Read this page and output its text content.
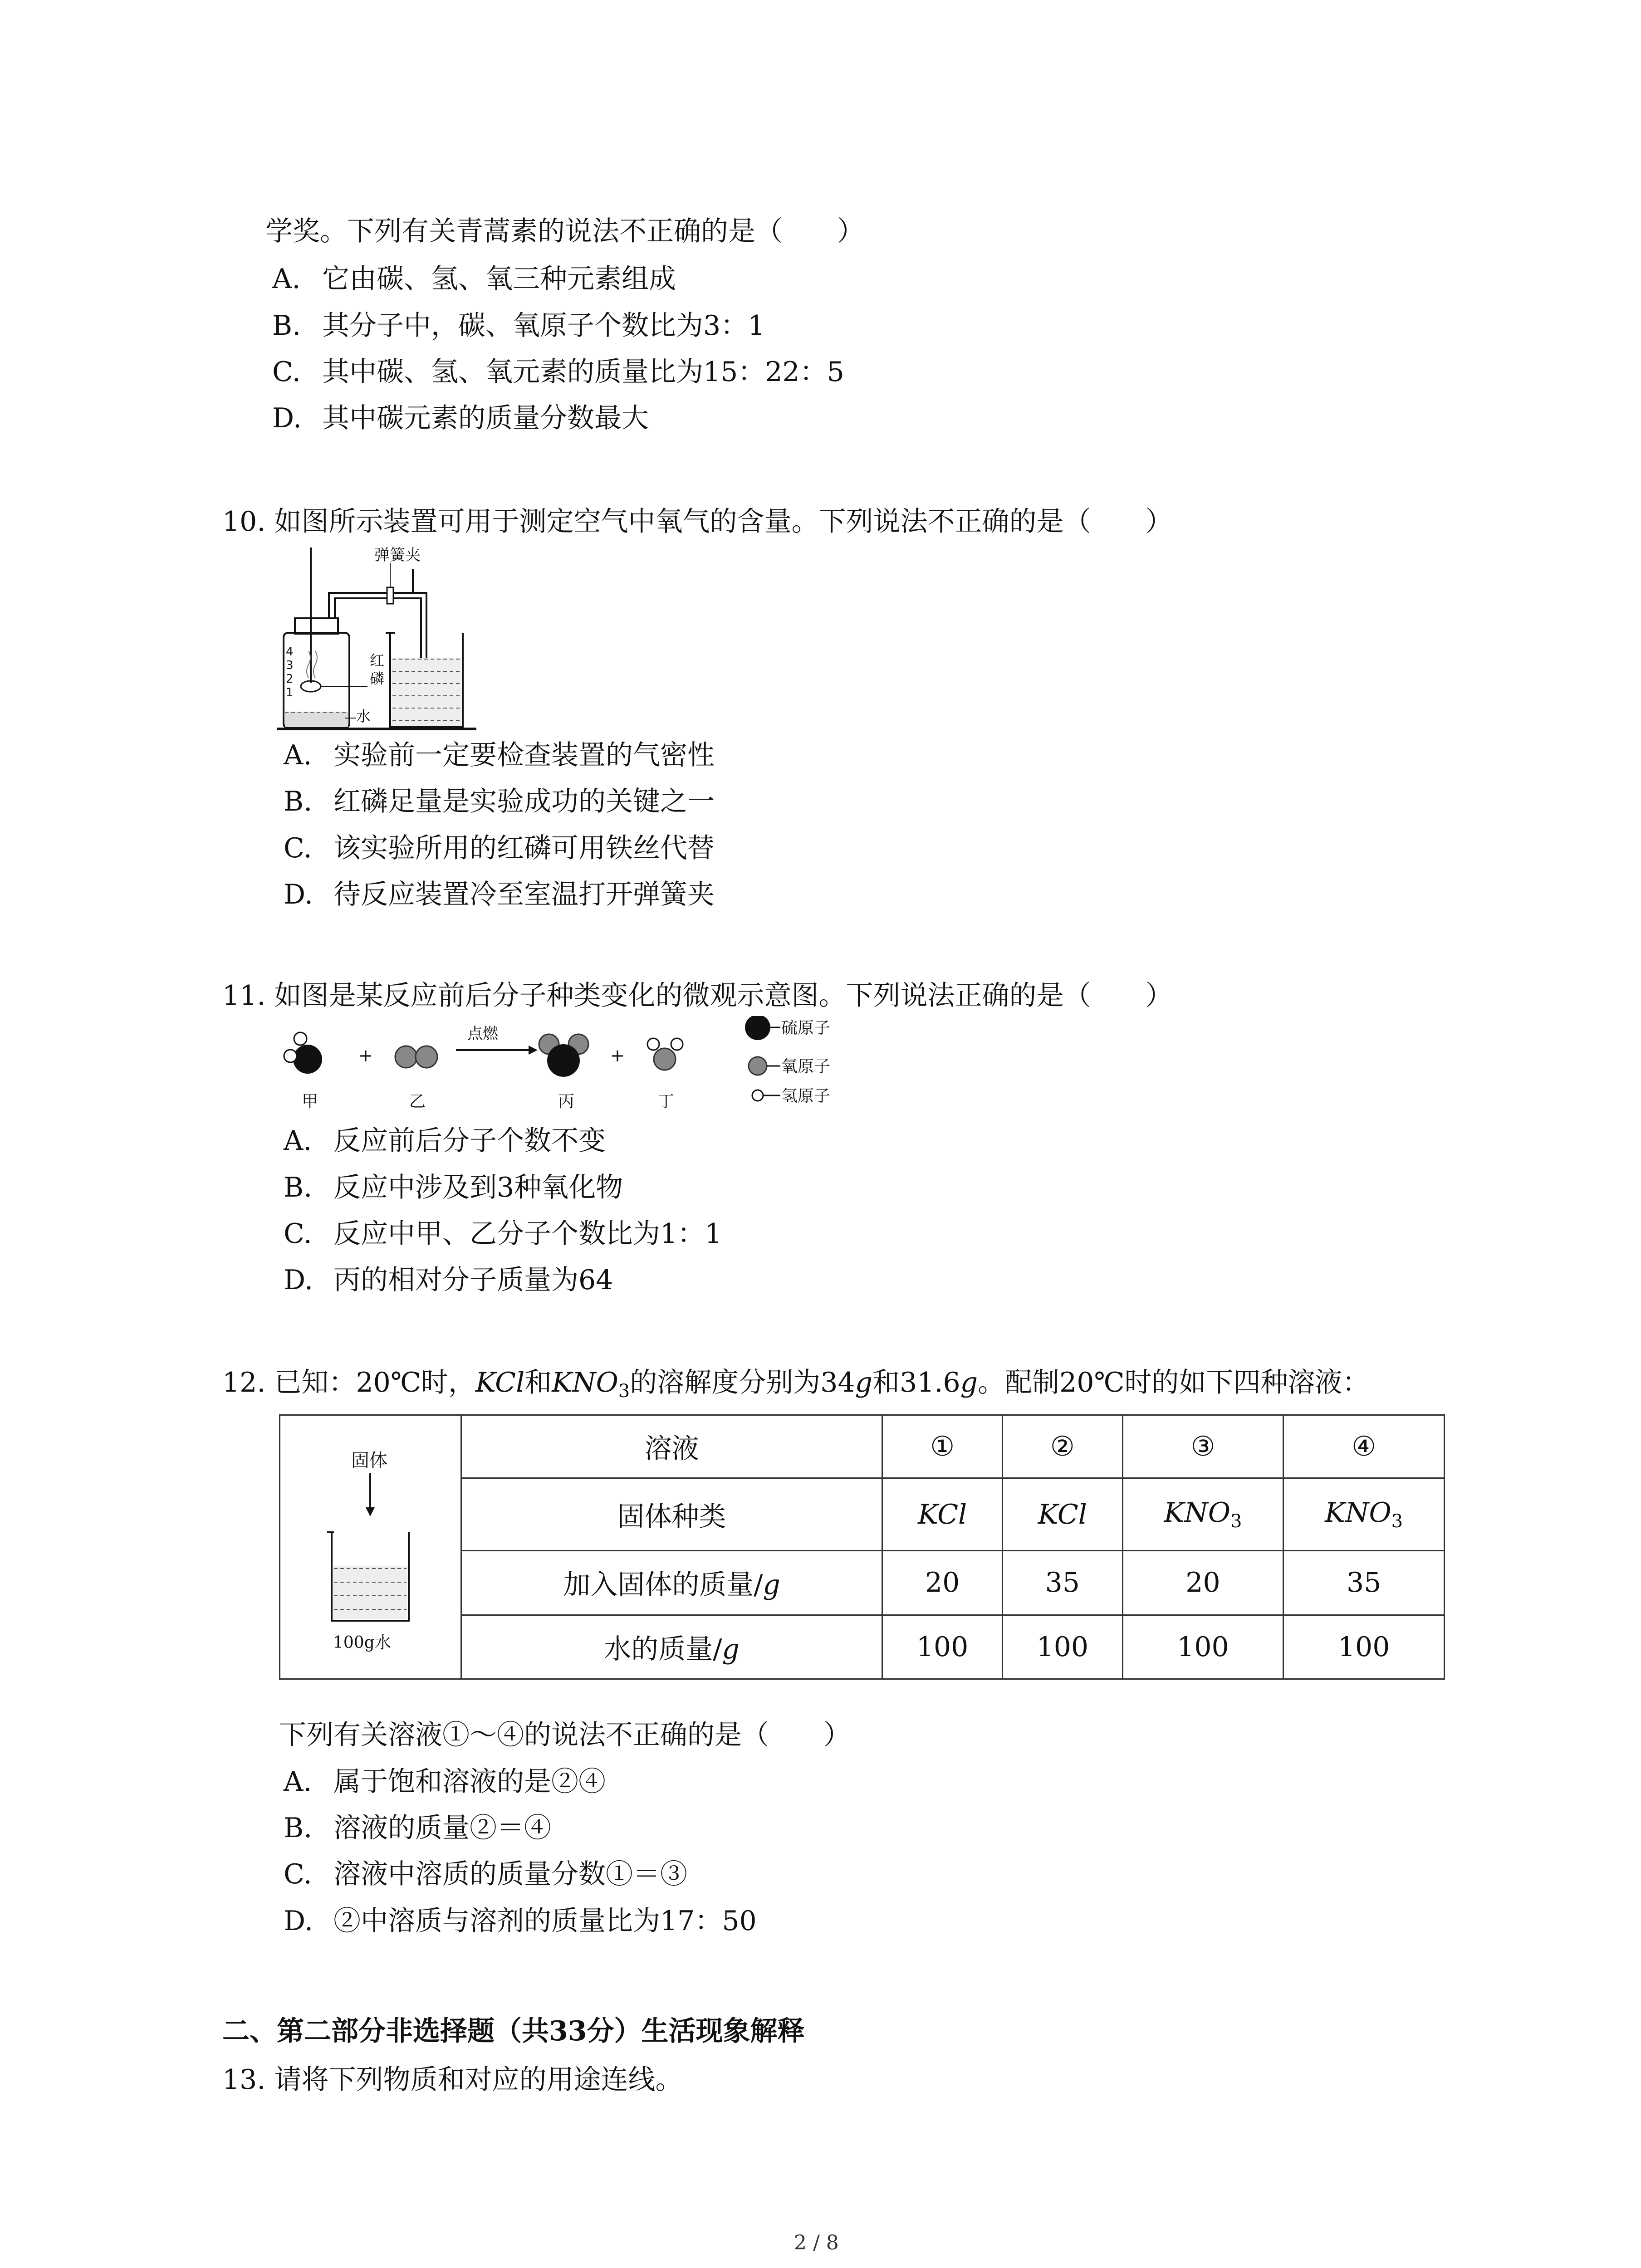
学奖。下列有关青蒿素的说法不正确的是（　　）
A. 它由碳、氢、氧三种元素组成
B. 其分子中，碳、氧原子个数比为3：1
C. 其中碳、氢、氧元素的质量比为15：22：5
D. 其中碳元素的质量分数最大
10. 如图所示装置可用于测定空气中氧气的含量。下列说法不正确的是（　　）
4
3
2
1
弹簧夹
红
磷
水
A. 实验前一定要检查装置的气密性
B. 红磷足量是实验成功的关键之一
C. 该实验所用的红磷可用铁丝代替
D. 待反应装置冷至室温打开弹簧夹
11. 如图是某反应前后分子种类变化的微观示意图。下列说法正确的是（　　）
+
点燃
+
甲	乙	丙	丁
硫原子
氧原子
氢原子
A. 反应前后分子个数不变
B. 反应中涉及到3种氧化物
C. 反应中甲、乙分子个数比为1：1
D. 丙的相对分子质量为64
12. 已知：20℃时，KCl和$KNO_3$的溶解度分别为34g和31.6g。配制20℃时的如下四种溶液：
固体
100g水	溶液	①	②	③	④
	固体种类	KCl	KCl	$KNO_3$	$KNO_3$
	加入固体的质量/g	20	35	20	35
	水的质量/g	100	100	100	100
下列有关溶液①～④的说法不正确的是（　　）
A. 属于饱和溶液的是②④
B. 溶液的质量②＝④
C. 溶液中溶质的质量分数①＝③
D. ②中溶质与溶剂的质量比为17：50
二、第二部分非选择题（共33分）生活现象解释
13. 请将下列物质和对应的用途连线。
2 / 8
